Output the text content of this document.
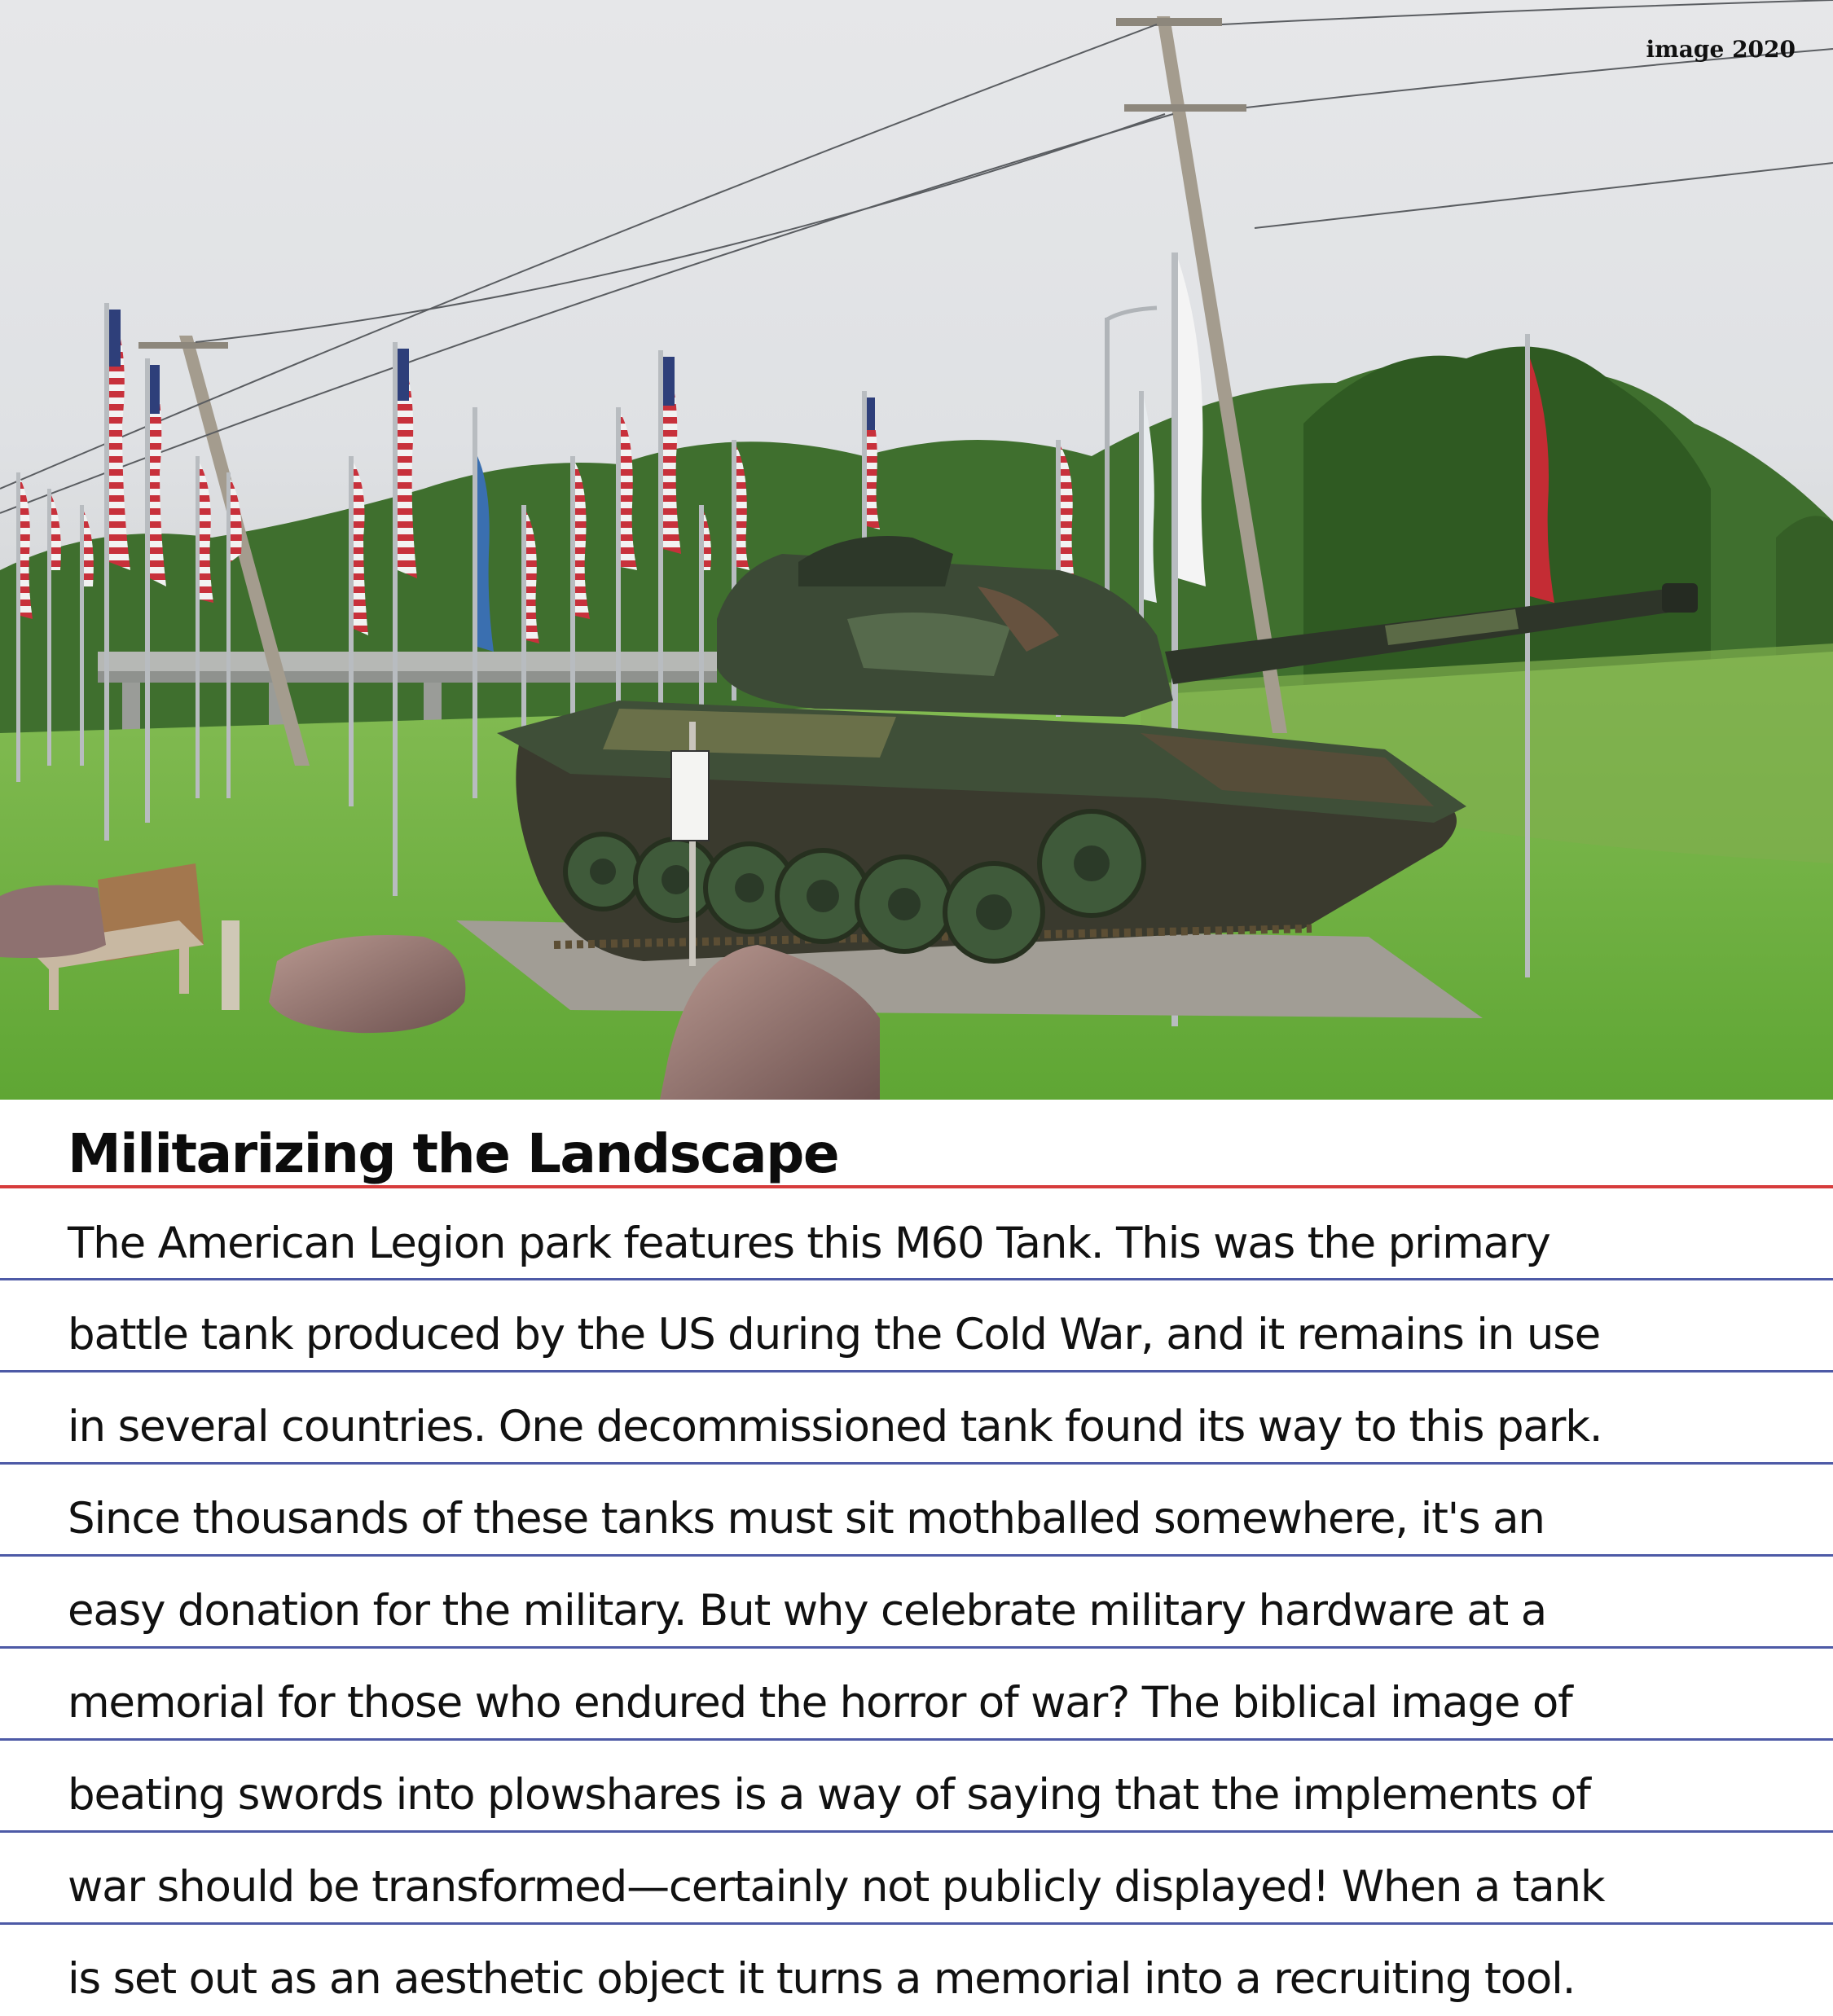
image 2020
Militarizing the Landscape
The American Legion park features this M60 Tank. This was the primary
battle tank produced by the US during the Cold War, and it remains in use
in several countries. One decommissioned tank found its way to this park.
Since thousands of these tanks must sit mothballed somewhere, it's an
easy donation for the military. But why celebrate military hardware at a
memorial for those who endured the horror of war? The biblical image of
beating swords into plowshares is a way of saying that the implements of
war should be transformed—certainly not publicly displayed! When a tank
is set out as an aesthetic object it turns a memorial into a recruiting tool.
